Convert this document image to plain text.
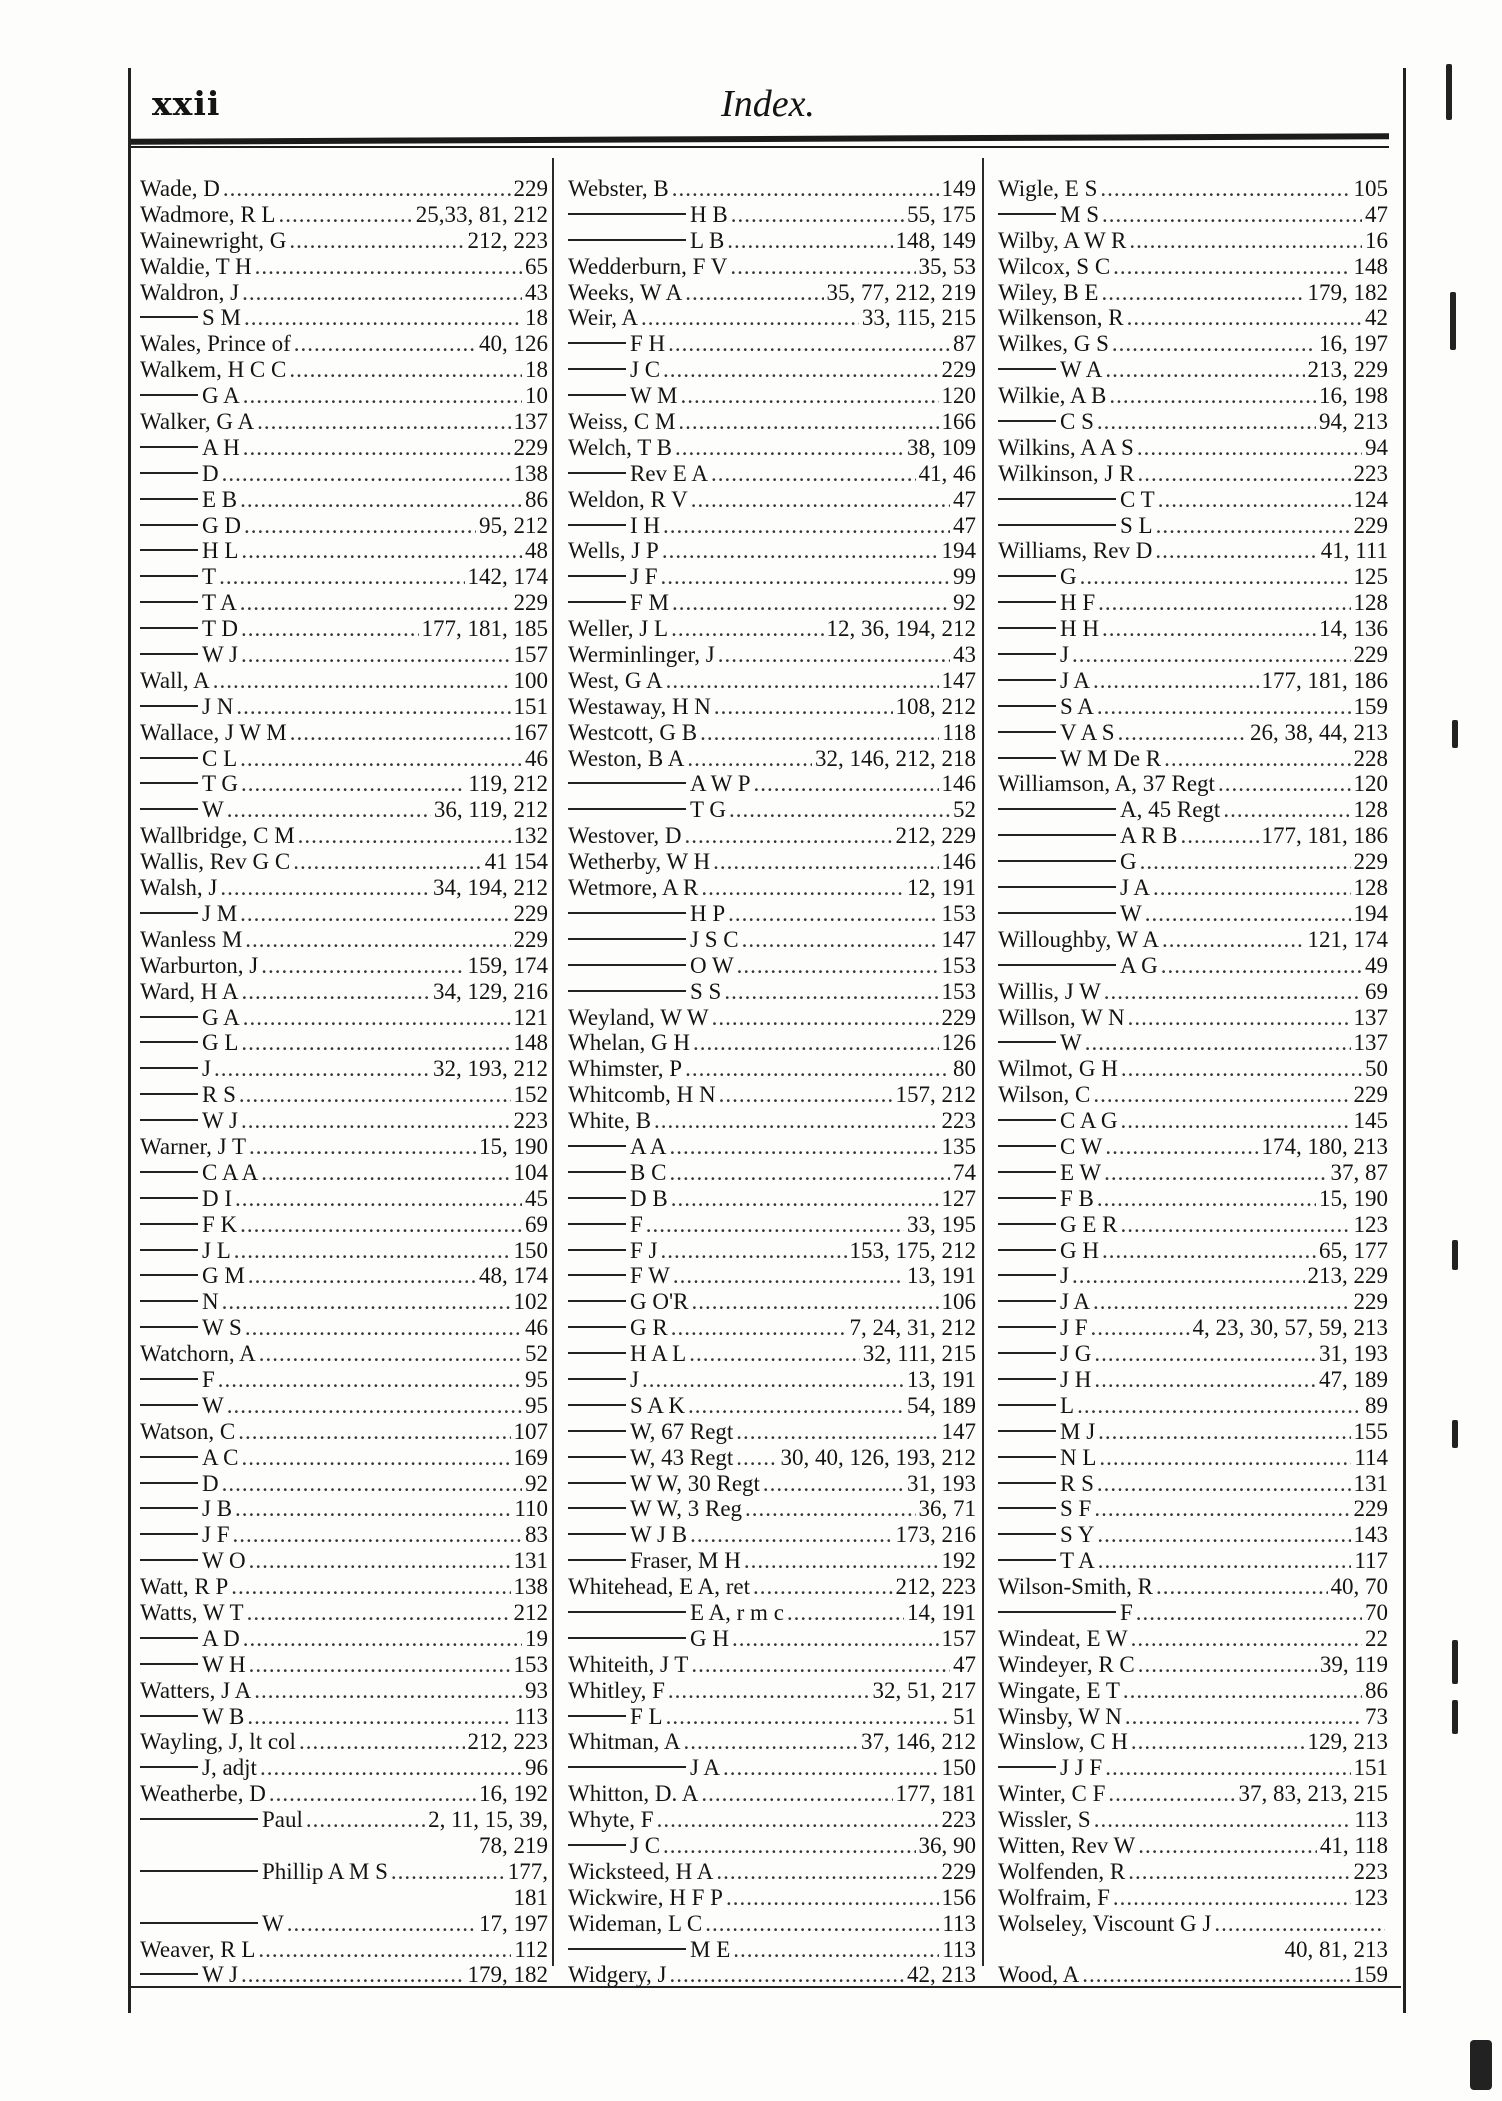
xxii	Index.
Wade, D .....	229
Wadmore, R L .....	25,33, 81, 212
Wainewright, G .....	212, 223
Waldie, T H .....	65
Waldron, J .....	43
S M .....	18
Wales, Prince of .....	40, 126
Walkem, H C C .....	18
G A .....	10
Walker, G A .....	137
A H .....	229
D .....	138
E B .....	86
G D .....	95, 212
H L .....	48
T .....	142, 174
T A .....	229
T D .....	177, 181, 185
W J .....	157
Wall, A .....	100
J N .....	151
Wallace, J W M .....	167
C L .....	46
T G .....	119, 212
W .....	36, 119, 212
Wallbridge, C M .....	132
Wallis, Rev G C .....	41 154
Walsh, J .....	34, 194, 212
J M .....	229
Wanless M .....	229
Warburton, J .....	159, 174
Ward, H A .....	34, 129, 216
G A .....	121
G L .....	148
J .....	32, 193, 212
R S .....	152
W J .....	223
Warner, J T .....	15, 190
C A A .....	104
D I .....	45
F K .....	69
J L .....	150
G M .....	48, 174
N .....	102
W S .....	46
Watchorn, A .....	52
F .....	95
W .....	95
Watson, C .....	107
A C .....	169
D .....	92
J B .....	110
J F .....	83
W O .....	131
Watt, R P .....	138
Watts, W T .....	212
A D .....	19
W H .....	153
Watters, J A .....	93
W B .....	113
Wayling, J, lt col .....	212, 223
J, adjt .....	96
Weatherbe, D .....	16, 192
Paul .....	2, 11, 15, 39,
78, 219
Phillip A M S .....	177,
181
W .....	17, 197
Weaver, R L .....	112
W J .....	179, 182
Webster, B .....	149
H B .....	55, 175
L B .....	148, 149
Wedderburn, F V .....	35, 53
Weeks, W A .....	35, 77, 212, 219
Weir, A .....	33, 115, 215
F H .....	87
J C .....	229
W M .....	120
Weiss, C M .....	166
Welch, T B .....	38, 109
Rev E A .....	41, 46
Weldon, R V .....	47
I H .....	47
Wells, J P .....	194
J F .....	99
F M .....	92
Weller, J L .....	12, 36, 194, 212
Werminlinger, J .....	43
West, G A .....	147
Westaway, H N .....	108, 212
Westcott, G B .....	118
Weston, B A .....	32, 146, 212, 218
A W P .....	146
T G .....	52
Westover, D .....	212, 229
Wetherby, W H .....	146
Wetmore, A R .....	12, 191
H P .....	153
J S C .....	147
O W .....	153
S S .....	153
Weyland, W W .....	229
Whelan, G H .....	126
Whimster, P .....	80
Whitcomb, H N .....	157, 212
White, B .....	223
A A .....	135
B C .....	74
D B .....	127
F .....	33, 195
F J .....	153, 175, 212
F W .....	13, 191
G O'R .....	106
G R .....	7, 24, 31, 212
H A L .....	32, 111, 215
J .....	13, 191
S A K .....	54, 189
W, 67 Regt .....	147
W, 43 Regt ..... 30, 40, 126, 193, 212
W W, 30 Regt .....	31, 193
W W, 3 Reg .....	36, 71
W J B .....	173, 216
Fraser, M H .....	192
Whitehead, E A, ret .....	212, 223
E A, r m c .....	14, 191
G H .....	157
Whiteith, J T .....	47
Whitley, F .....	32, 51, 217
F L .....	51
Whitman, A .....	37, 146, 212
J A .....	150
Whitton, D. A .....	177, 181
Whyte, F .....	223
J C .....	36, 90
Wicksteed, H A .....	229
Wickwire, H F P .....	156
Wideman, L C .....	113
M E .....	113
Widgery, J .....	42, 213
Wigle, E S .....	105
M S .....	47
Wilby, A W R .....	16
Wilcox, S C .....	148
Wiley, B E .....	179, 182
Wilkenson, R .....	42
Wilkes, G S .....	16, 197
W A .....	213, 229
Wilkie, A B .....	16, 198
C S .....	94, 213
Wilkins, A A S .....	94
Wilkinson, J R .....	223
C T .....	124
S L .....	229
Williams, Rev D .....	41, 111
G .....	125
H F .....	128
H H .....	14, 136
J .....	229
J A .....	177, 181, 186
S A .....	159
V A S .....	26, 38, 44, 213
W M De R .....	228
Williamson, A, 37 Regt .....	120
A, 45 Regt .....	128
A R B .....	177, 181, 186
G .....	229
J A .....	128
W .....	194
Willoughby, W A .....	121, 174
A G .....	49
Willis, J W .....	69
Willson, W N .....	137
W .....	137
Wilmot, G H .....	50
Wilson, C .....	229
C A G .....	145
C W .....	174, 180, 213
E W .....	37, 87
F B .....	15, 190
G E R .....	123
G H .....	65, 177
J .....	213, 229
J A .....	229
J F .....	4, 23, 30, 57, 59, 213
J G .....	31, 193
J H .....	47, 189
L .....	89
M J .....	155
N L .....	114
R S .....	131
S F .....	229
S Y .....	143
T A .....	117
Wilson-Smith, R .....	40, 70
F .....	70
Windeat, E W .....	22
Windeyer, R C .....	39, 119
Wingate, E T .....	86
Winsby, W N .....	73
Winslow, C H .....	129, 213
J J F .....	151
Winter, C F .....	37, 83, 213, 215
Wissler, S .....	113
Witten, Rev W .....	41, 118
Wolfenden, R .....	223
Wolfraim, F .....	123
Wolseley, Viscount G J
.....
40, 81, 213
Wood, A .....	159
